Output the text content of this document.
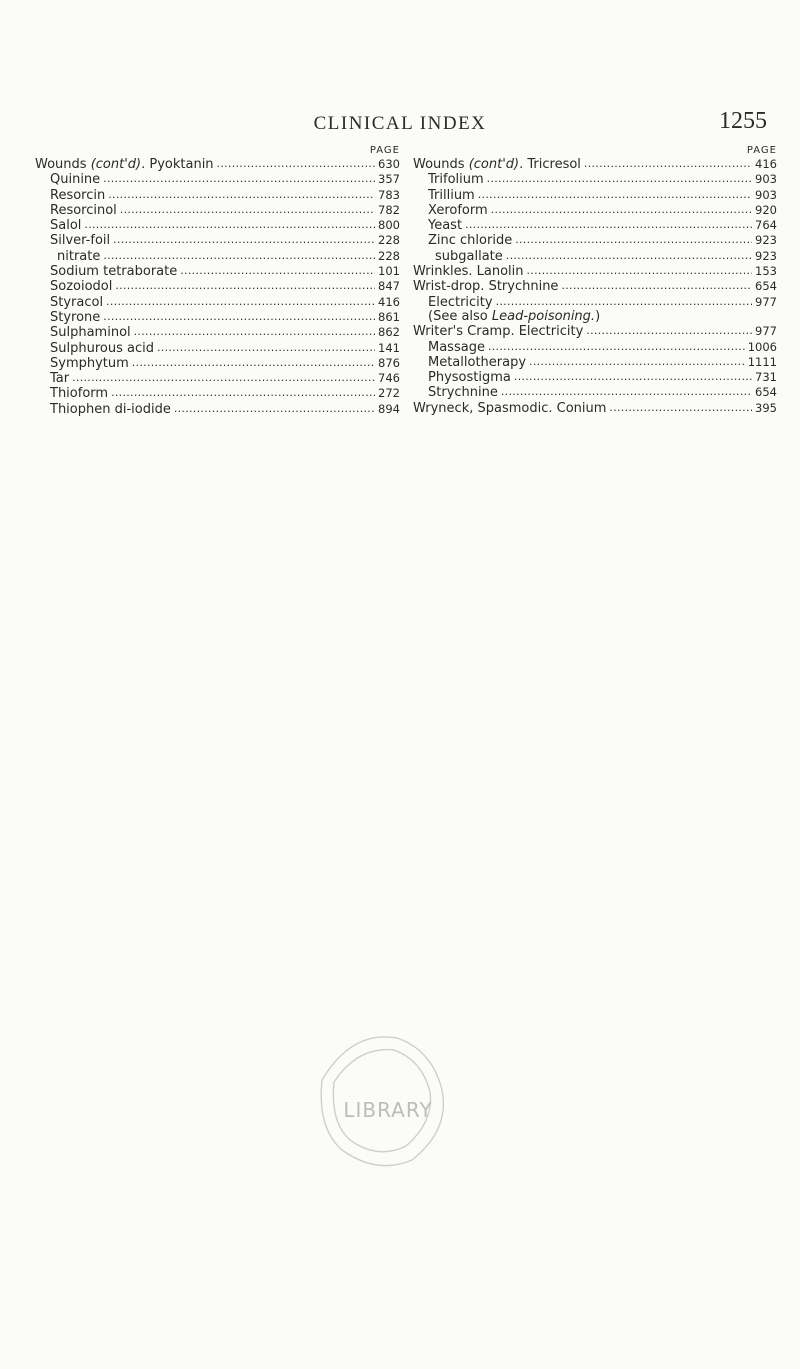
CLINICAL INDEX	1255
PAGE
Wounds (cont'd). Pyoktanin . . .	630
Quinine . . .	357
Resorcin . . .	783
Resorcinol . . .	782
Salol . . .	800
Silver-foil . . .	228
nitrate . . .	228
Sodium tetraborate . . .	101
Sozoiodol . . .	847
Styracol . . .	416
Styrone . . .	861
Sulphaminol . . .	862
Sulphurous acid . . .	141
Symphytum . . .	876
Tar . . .	746
Thioform . . .	272
Thiophen di-iodide . . .	894
PAGE
Wounds (cont'd). Tricresol . . .	416
Trifolium . . .	903
Trillium . . .	903
Xeroform . . .	920
Yeast . . .	764
Zinc chloride . . .	923
subgallate . . .	923
Wrinkles. Lanolin . . .	153
Wrist-drop. Strychnine . . .	654
Electricity . . .	977
(See also Lead-poisoning.)
Writer's Cramp. Electricity . . .	977
Massage . . .	1006
Metallotherapy . . .	1111
Physostigma . . .	731
Strychnine . . .	654
Wryneck, Spasmodic. Conium . . .	395
LIBRARY
